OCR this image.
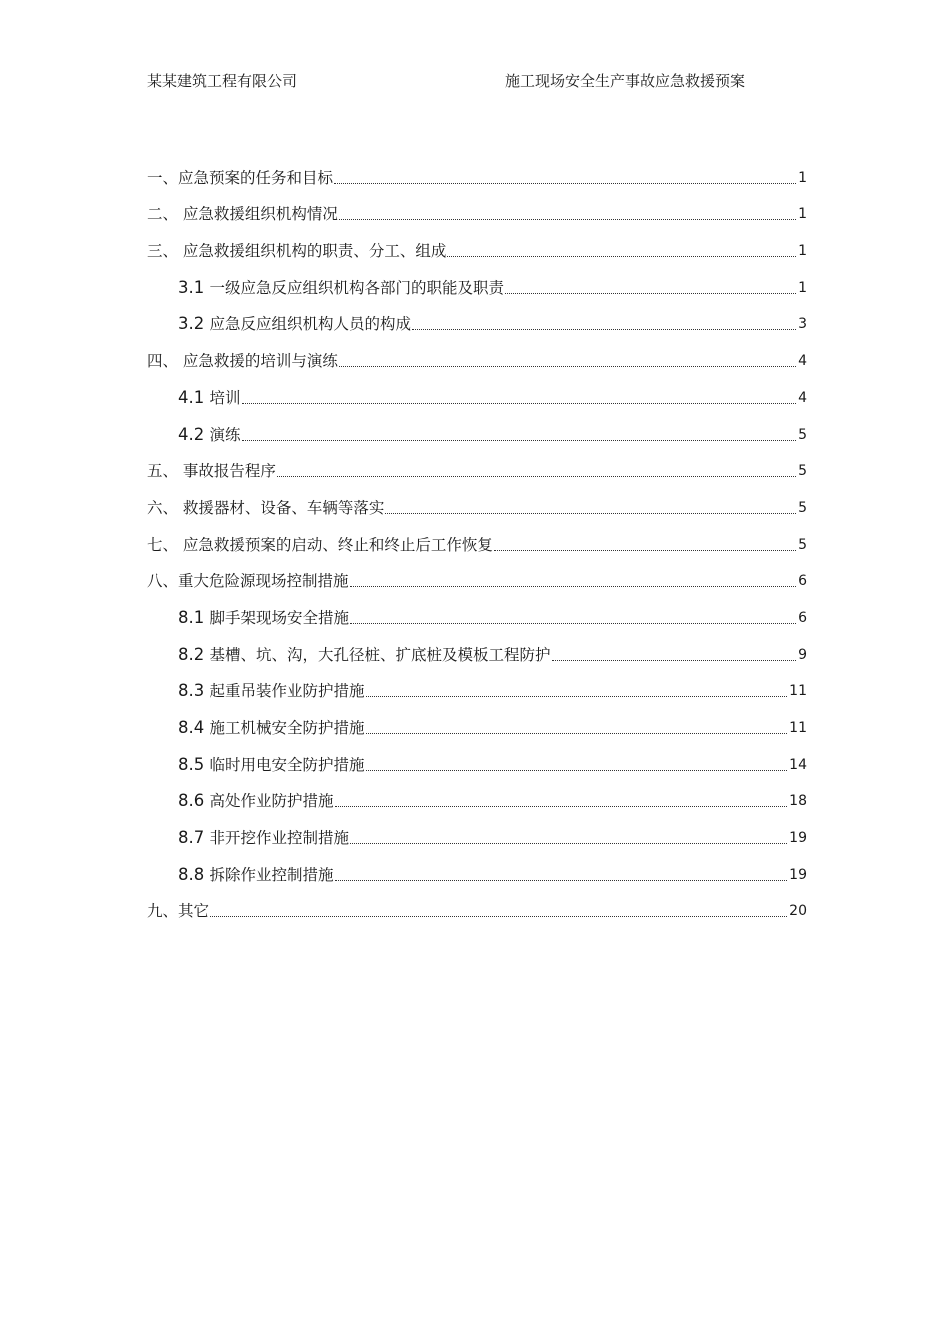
某某建筑工程有限公司	施工现场安全生产事故应急救援预案
一、应急预案的任务和目标	1
二、 应急救援组织机构情况	1
三、 应急救援组织机构的职责、分工、组成	1
3.1 一级应急反应组织机构各部门的职能及职责	1
3.2 应急反应组织机构人员的构成	3
四、 应急救援的培训与演练	4
4.1 培训	4
4.2 演练	5
五、 事故报告程序	5
六、 救援器材、设备、车辆等落实	5
七、 应急救援预案的启动、终止和终止后工作恢复	5
八、重大危险源现场控制措施	6
8.1 脚手架现场安全措施	6
8.2 基槽、坑、沟，大孔径桩、扩底桩及模板工程防护	9
8.3 起重吊装作业防护措施	11
8.4 施工机械安全防护措施	11
8.5 临时用电安全防护措施	14
8.6 高处作业防护措施	18
8.7 非开挖作业控制措施	19
8.8 拆除作业控制措施	19
九、其它	20
